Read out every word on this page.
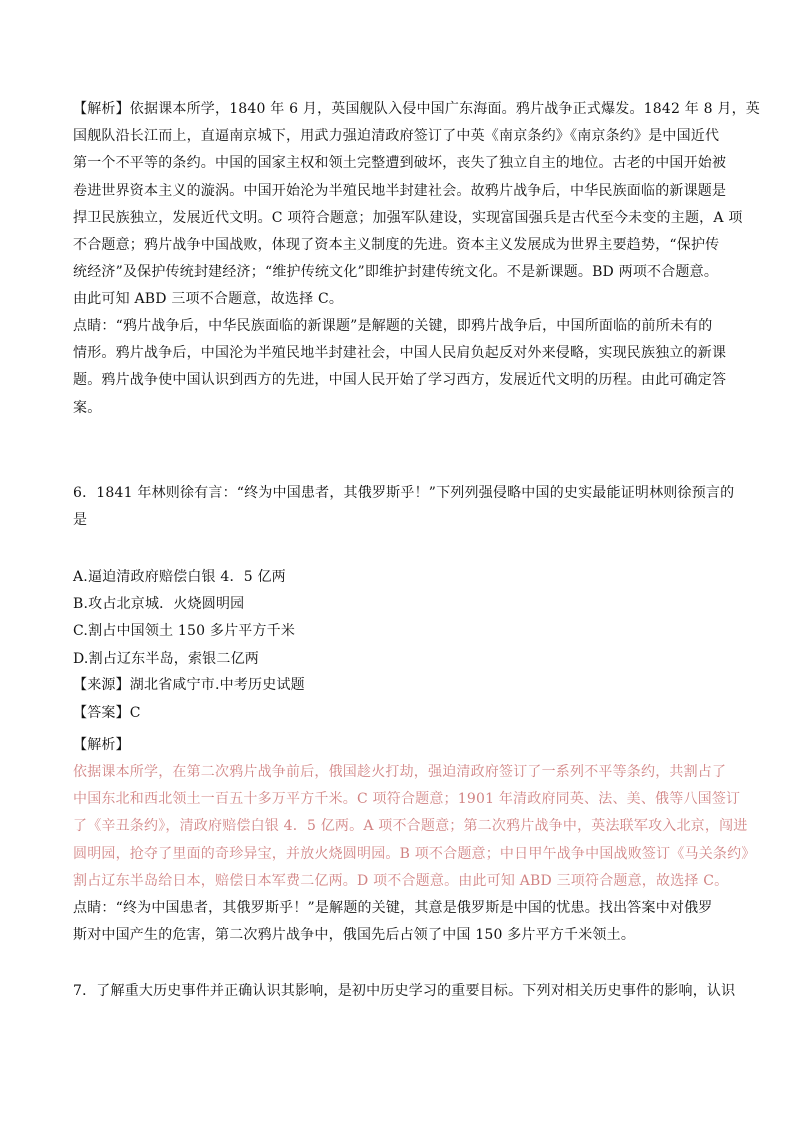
【解析】依据课本所学，1840 年 6 月，英国舰队入侵中国广东海面。鸦片战争正式爆发。1842 年 8 月，英
国舰队沿长江而上，直逼南京城下，用武力强迫清政府签订了中英《南京条约》《南京条约》是中国近代
第一个不平等的条约。中国的国家主权和领土完整遭到破坏，丧失了独立自主的地位。古老的中国开始被
卷进世界资本主义的漩涡。中国开始沦为半殖民地半封建社会。故鸦片战争后，中华民族面临的新课题是
捍卫民族独立，发展近代文明。C 项符合题意；加强军队建设，实现富国强兵是古代至今未变的主题，A 项
不合题意；鸦片战争中国战败，体现了资本主义制度的先进。资本主义发展成为世界主要趋势，“保护传
统经济”及保护传统封建经济；“维护传统文化”即维护封建传统文化。不是新课题。BD 两项不合题意。
由此可知 ABD 三项不合题意，故选择 C。
点睛：“鸦片战争后，中华民族面临的新课题”是解题的关键，即鸦片战争后，中国所面临的前所未有的
情形。鸦片战争后，中国沦为半殖民地半封建社会，中国人民肩负起反对外来侵略，实现民族独立的新课
题。鸦片战争使中国认识到西方的先进，中国人民开始了学习西方，发展近代文明的历程。由此可确定答
案。
6．1841 年林则徐有言：“终为中国患者，其俄罗斯乎！”下列列强侵略中国的史实最能证明林则徐预言的
是
A.逼迫清政府赔偿白银 4．5 亿两
B.攻占北京城．火烧圆明园
C.割占中国领土 150 多片平方千米
D.割占辽东半岛，索银二亿两
【来源】湖北省咸宁市.中考历史试题
【答案】C
【解析】
依据课本所学，在第二次鸦片战争前后，俄国趁火打劫，强迫清政府签订了一系列不平等条约，共割占了
中国东北和西北领土一百五十多万平方千米。C 项符合题意；1901 年清政府同英、法、美、俄等八国签订
了《辛丑条约》，清政府赔偿白银 4．5 亿两。A 项不合题意；第二次鸦片战争中，英法联军攻入北京，闯进
圆明园，抢夺了里面的奇珍异宝，并放火烧圆明园。B 项不合题意；中日甲午战争中国战败签订《马关条约》
割占辽东半岛给日本，赔偿日本军费二亿两。D 项不合题意。由此可知 ABD 三项符合题意，故选择 C。
点睛：“终为中国患者，其俄罗斯乎！”是解题的关键，其意是俄罗斯是中国的忧患。找出答案中对俄罗
斯对中国产生的危害，第二次鸦片战争中，俄国先后占领了中国 150 多片平方千米领土。
7．了解重大历史事件并正确认识其影响，是初中历史学习的重要目标。下列对相关历史事件的影响，认识
